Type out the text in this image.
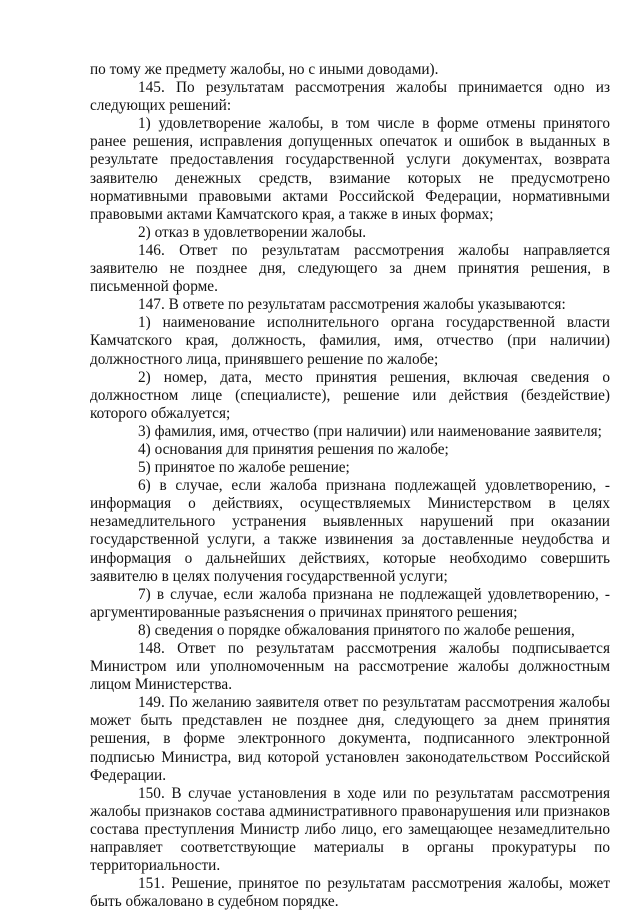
по тому же предмету жалобы, но с иными доводами).

145. По результатам рассмотрения жалобы принимается одно из следующих решений:

1) удовлетворение жалобы, в том числе в форме отмены принятого ранее решения, исправления допущенных опечаток и ошибок в выданных в результате предоставления государственной услуги документах, возврата заявителю денежных средств, взимание которых не предусмотрено нормативными правовыми актами Российской Федерации, нормативными правовыми актами Камчатского края, а также в иных формах;

2) отказ в удовлетворении жалобы.

146. Ответ по результатам рассмотрения жалобы направляется заявителю не позднее дня, следующего за днем принятия решения, в письменной форме.

147. В ответе по результатам рассмотрения жалобы указываются:

1) наименование исполнительного органа государственной власти Камчатского края, должность, фамилия, имя, отчество (при наличии) должностного лица, принявшего решение по жалобе;

2) номер, дата, место принятия решения, включая сведения о должностном лице (специалисте), решение или действия (бездействие) которого обжалуется;

3) фамилия, имя, отчество (при наличии) или наименование заявителя;

4) основания для принятия решения по жалобе;

5) принятое по жалобе решение;

6) в случае, если жалоба признана подлежащей удовлетворению, - информация о действиях, осуществляемых Министерством в целях незамедлительного устранения выявленных нарушений при оказании государственной услуги, а также извинения за доставленные неудобства и информация о дальнейших действиях, которые необходимо совершить заявителю в целях получения государственной услуги;

7) в случае, если жалоба признана не подлежащей удовлетворению, - аргументированные разъяснения о причинах принятого решения;

8) сведения о порядке обжалования принятого по жалобе решения,

148. Ответ по результатам рассмотрения жалобы подписывается Министром или уполномоченным на рассмотрение жалобы должностным лицом Министерства.

149. По желанию заявителя ответ по результатам рассмотрения жалобы может быть представлен не позднее дня, следующего за днем принятия решения, в форме электронного документа, подписанного электронной подписью Министра, вид которой установлен законодательством Российской Федерации.

150. В случае установления в ходе или по результатам рассмотрения жалобы признаков состава административного правонарушения или признаков состава преступления Министр либо лицо, его замещающее незамедлительно направляет соответствующие материалы в органы прокуратуры по территориальности.

151. Решение, принятое по результатам рассмотрения жалобы, может быть обжаловано в судебном порядке.
